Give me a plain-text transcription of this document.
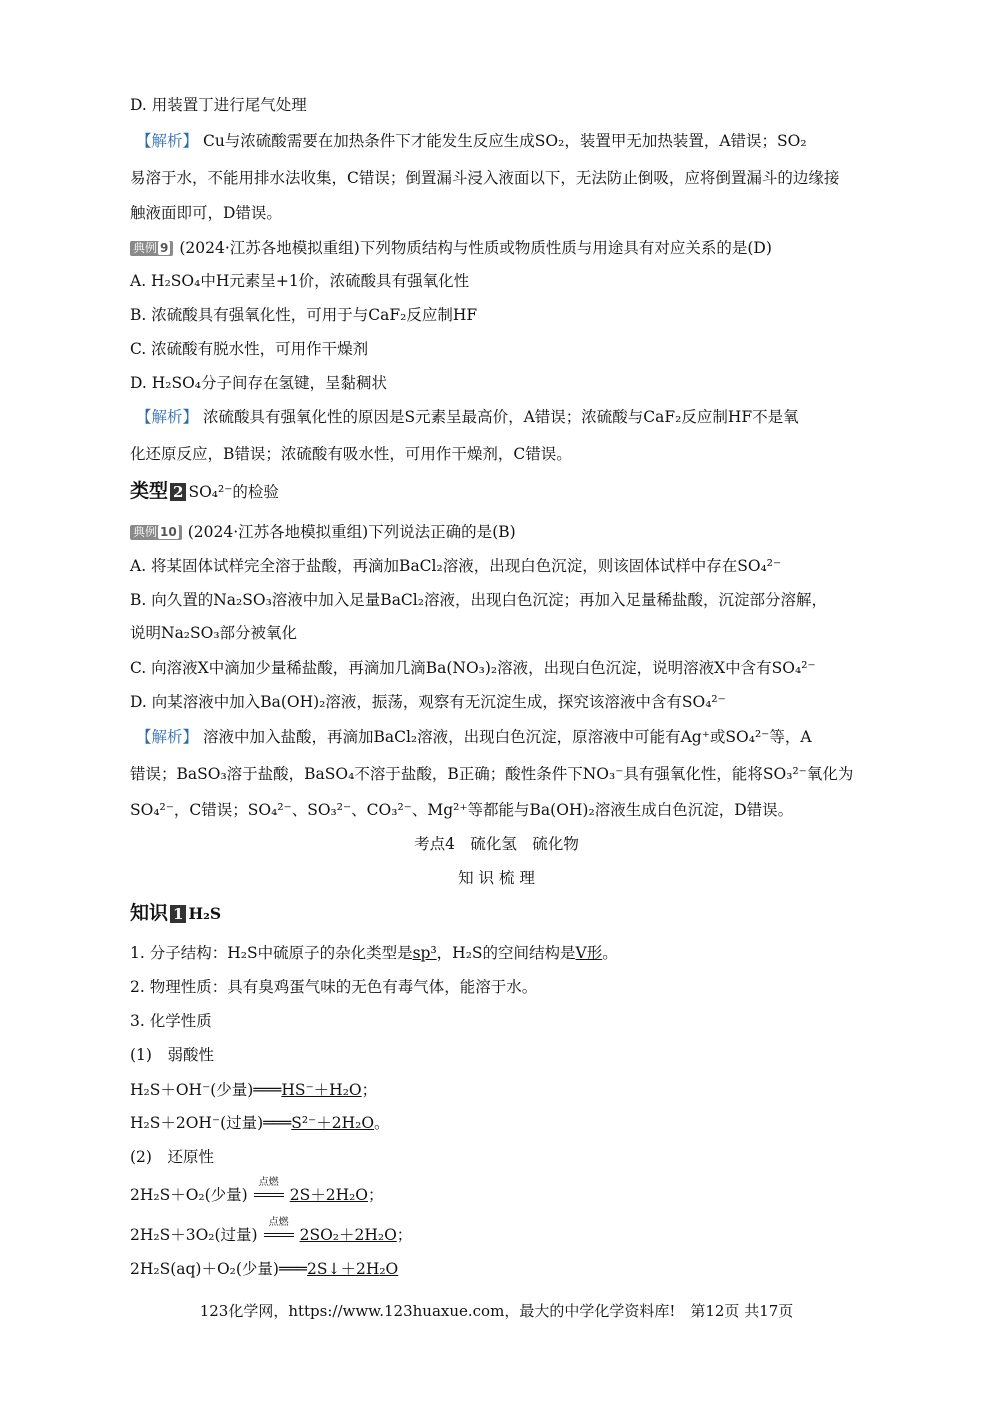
D. 用装置丁进行尾气处理
【解析】 Cu与浓硫酸需要在加热条件下才能发生反应生成SO₂，装置甲无加热装置，A错误；SO₂
易溶于水，不能用排水法收集，C错误；倒置漏斗浸入液面以下，无法防止倒吸，应将倒置漏斗的边缘接
触液面即可，D错误。
典例 9 (2024·江苏各地模拟重组)下列物质结构与性质或物质性质与用途具有对应关系的是(D)
A. H₂SO₄中H元素呈+1价，浓硫酸具有强氧化性
B. 浓硫酸具有强氧化性，可用于与CaF₂反应制HF
C. 浓硫酸有脱水性，可用作干燥剂
D. H₂SO₄分子间存在氢键，呈黏稠状
【解析】 浓硫酸具有强氧化性的原因是S元素呈最高价，A错误；浓硫酸与CaF₂反应制HF不是氧
化还原反应，B错误；浓硫酸有吸水性，可用作干燥剂，C错误。
类型 2 SO₄²⁻的检验
典例 10 (2024·江苏各地模拟重组)下列说法正确的是(B)
A. 将某固体试样完全溶于盐酸，再滴加BaCl₂溶液，出现白色沉淀，则该固体试样中存在SO₄²⁻
B. 向久置的Na₂SO₃溶液中加入足量BaCl₂溶液，出现白色沉淀；再加入足量稀盐酸，沉淀部分溶解，
说明Na₂SO₃部分被氧化
C. 向溶液X中滴加少量稀盐酸，再滴加几滴Ba(NO₃)₂溶液，出现白色沉淀，说明溶液X中含有SO₄²⁻
D. 向某溶液中加入Ba(OH)₂溶液，振荡，观察有无沉淀生成，探究该溶液中含有SO₄²⁻
【解析】 溶液中加入盐酸，再滴加BaCl₂溶液，出现白色沉淀，原溶液中可能有Ag⁺或SO₄²⁻等，A
错误；BaSO₃溶于盐酸，BaSO₄不溶于盐酸，B正确；酸性条件下NO₃⁻具有强氧化性，能将SO₃²⁻氧化为
SO₄²⁻，C错误；SO₄²⁻、SO₃²⁻、CO₃²⁻、Mg²⁺等都能与Ba(OH)₂溶液生成白色沉淀，D错误。
考点4　硫化氢　硫化物
知 识 梳 理
知识 1 H₂S
1. 分子结构：H₂S中硫原子的杂化类型是sp³，H₂S的空间结构是V形。
2. 物理性质：具有臭鸡蛋气味的无色有毒气体，能溶于水。
3. 化学性质
(1)　弱酸性
H₂S＋OH⁻(少量)═══HS⁻＋H₂O；
H₂S＋2OH⁻(过量)═══S²⁻＋2H₂O。
(2)　还原性
2H₂S＋O₂(少量)
点燃
2S＋2H₂O；
2H₂S＋3O₂(过量)
点燃
2SO₂＋2H₂O；
2H₂S(aq)＋O₂(少量)═══2S↓＋2H₂O
123化学网，https://www.123huaxue.com，最大的中学化学资料库!　第12页 共17页
